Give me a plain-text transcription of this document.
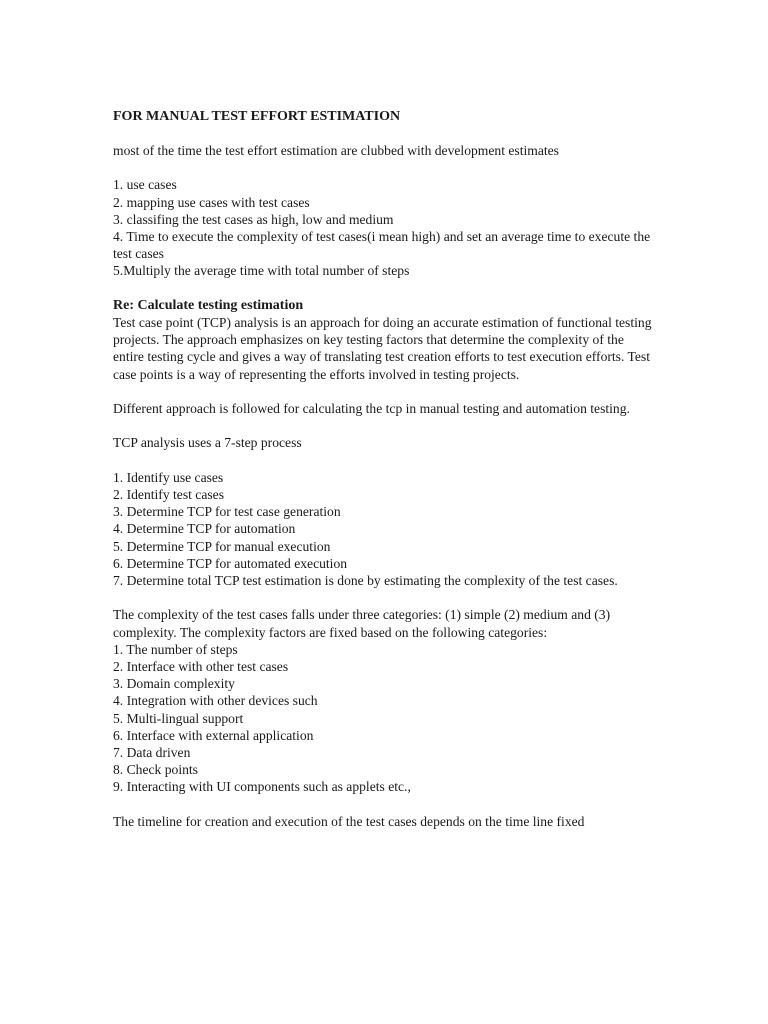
FOR MANUAL TEST EFFORT ESTIMATION

most of the time the test effort estimation are clubbed with development estimates

1. use cases
2. mapping use cases with test cases
3. classifing the test cases as high, low and medium
4. Time to execute the complexity of test cases(i mean high) and set an average time to execute the test cases
5.Multiply the average time with total number of steps
Re: Calculate testing estimation

Test case point (TCP) analysis is an approach for doing an accurate estimation of functional testing projects. The approach emphasizes on key testing factors that determine the complexity of the entire testing cycle and gives a way of translating test creation efforts to test execution efforts. Test case points is a way of representing the efforts involved in testing projects.

Different approach is followed for calculating the tcp in manual testing and automation testing.

TCP analysis uses a 7-step process

1. Identify use cases
2. Identify test cases
3. Determine TCP for test case generation
4. Determine TCP for automation
5. Determine TCP for manual execution
6. Determine TCP for automated execution
7. Determine total TCP test estimation is done by estimating the complexity of the test cases.

The complexity of the test cases falls under three categories: (1) simple (2) medium and (3) complexity. The complexity factors are fixed based on the following categories:

1. The number of steps
2. Interface with other test cases
3. Domain complexity
4. Integration with other devices such
5. Multi-lingual support
6. Interface with external application
7. Data driven
8. Check points
9. Interacting with UI components such as applets etc.,

The timeline for creation and execution of the test cases depends on the time line fixed
